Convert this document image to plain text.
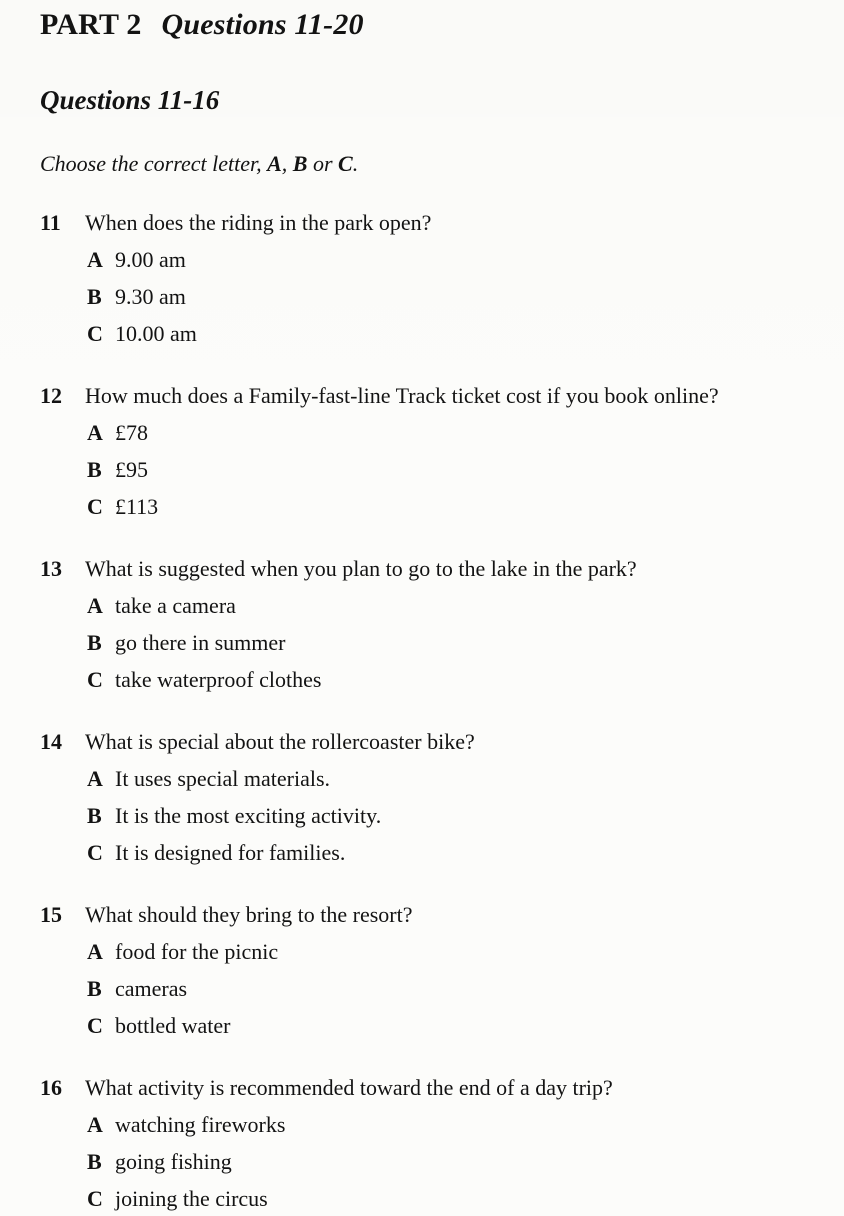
PART 2 Questions 11-20
Questions 11-16

Choose the correct letter, A, B or C.

11	When does the riding in the park open?
A 9.00 am
B 9.30 am
C 10.00 am
12	How much does a Family-fast-line Track ticket cost if you book online?
A £78
B £95
C £113
13	What is suggested when you plan to go to the lake in the park?
A take a camera
B go there in summer
C take waterproof clothes
14	What is special about the rollercoaster bike?
A It uses special materials.
B It is the most exciting activity.
C It is designed for families.
15	What should they bring to the resort?
A food for the picnic
B cameras
C bottled water
16	What activity is recommended toward the end of a day trip?
A watching fireworks
B going fishing
C joining the circus
